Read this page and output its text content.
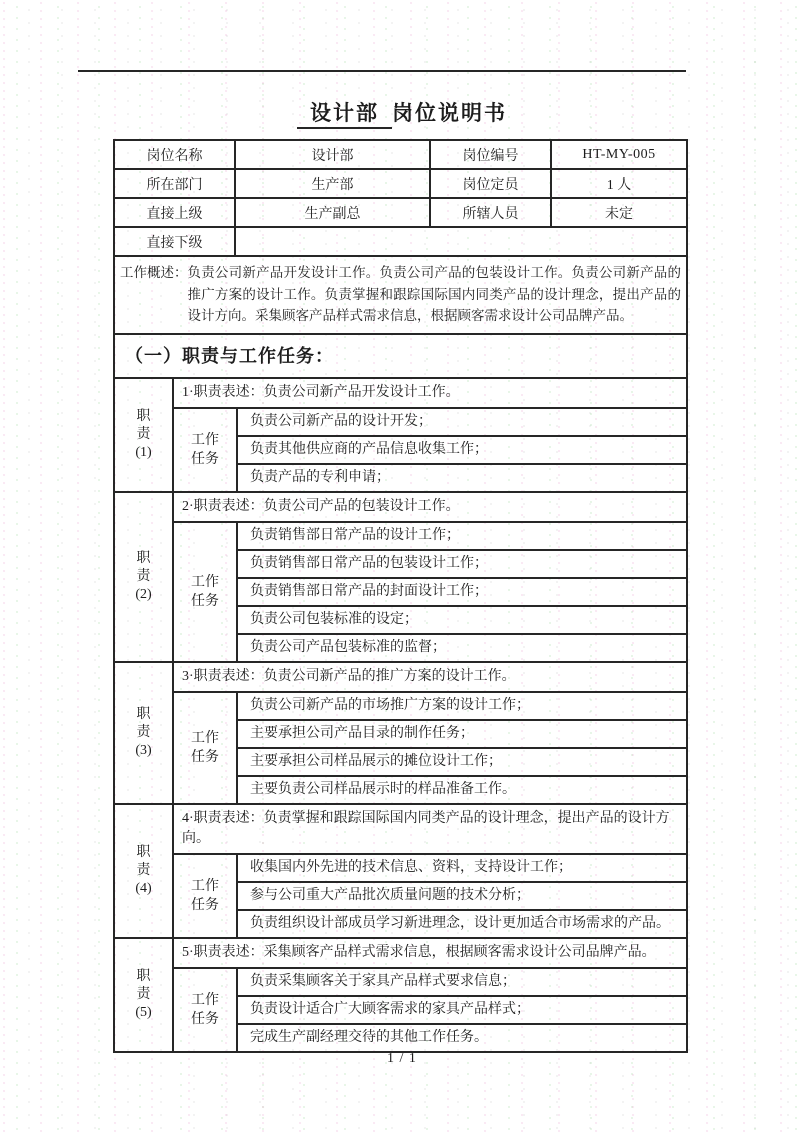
设计部 岗位说明书
岗位名称	设计部	岗位编号	HT-MY-005
所在部门	生产部	岗位定员	1 人
直接上级	生产副总	所辖人员	未定
直接下级			
工作概述： 负责公司新产品开发设计工作。负责公司产品的包装设计工作。负责公司新产品的推广方案的设计工作。负责掌握和跟踪国际国内同类产品的设计理念，提出产品的设计方向。采集顾客产品样式需求信息，根据顾客需求设计公司品牌产品。
（一）职责与工作任务：
职
责
(1)	1·职责表述：负责公司新产品开发设计工作。	

	工作
任务	负责公司新产品的设计开发；
		负责其他供应商的产品信息收集工作；
		负责产品的专利申请；

职
责
(2)	2·职责表述：负责公司产品的包装设计工作。	

	工作
任务	负责销售部日常产品的设计工作；
		负责销售部日常产品的包装设计工作；
		负责销售部日常产品的封面设计工作；
		负责公司包装标准的设定；
		负责公司产品包装标准的监督；

职
责
(3)	3·职责表述：负责公司新产品的推广方案的设计工作。	

	工作
任务	负责公司新产品的市场推广方案的设计工作；
		主要承担公司产品目录的制作任务；
		主要承担公司样品展示的摊位设计工作；
		主要负责公司样品展示时的样品准备工作。

职
责
(4)	4·职责表述：负责掌握和跟踪国际国内同类产品的设计理念，提出产品的设计方向。	

	工作
任务	收集国内外先进的技术信息、资料，支持设计工作；
		参与公司重大产品批次质量问题的技术分析；
		负责组织设计部成员学习新进理念，设计更加适合市场需求的产品。

职
责
(5)	5·职责表述：采集顾客产品样式需求信息，根据顾客需求设计公司品牌产品。	

	工作
任务	负责采集顾客关于家具产品样式要求信息；
		负责设计适合广大顾客需求的家具产品样式；
		完成生产副经理交待的其他工作任务。
1 / 1
